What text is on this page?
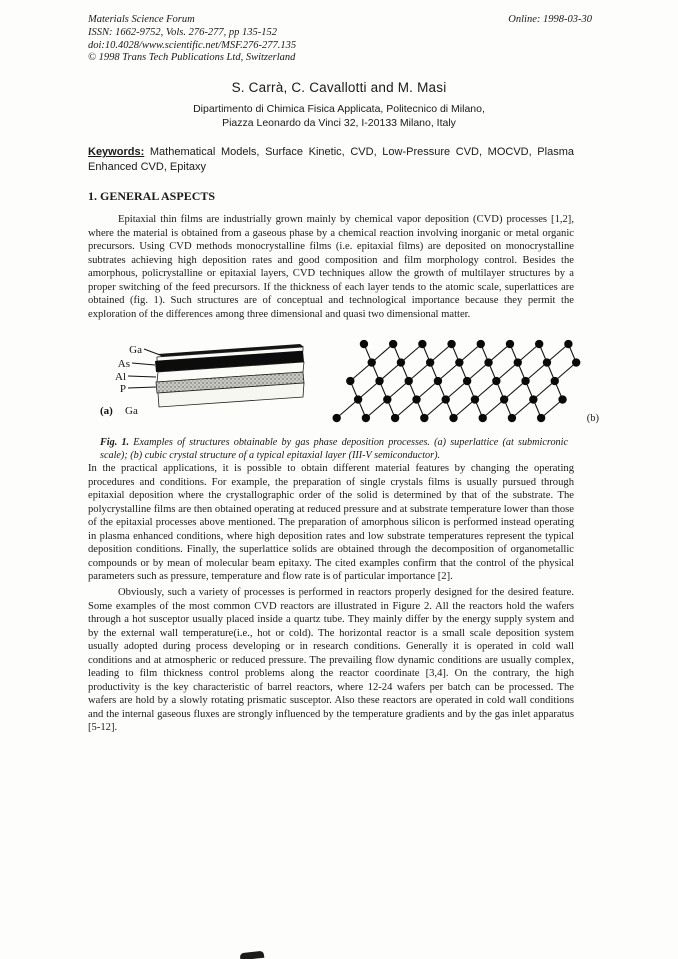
Materials Science Forum

ISSN: 1662-9752, Vols. 276-277, pp 135-152

doi:10.4028/www.scientific.net/MSF.276-277.135

© 1998 Trans Tech Publications Ltd, Switzerland

Online: 1998-03-30
S. Carrà, C. Cavallotti and M. Masi

Dipartimento di Chimica Fisica Applicata, Politecnico di Milano,

Piazza Leonardo da Vinci 32, I-20133 Milano, Italy

Keywords: Mathematical Models, Surface Kinetic, CVD, Low-Pressure CVD, MOCVD, Plasma Enhanced CVD, Epitaxy
1. GENERAL ASPECTS

Epitaxial thin films are industrially grown mainly by chemical vapor deposition (CVD) processes [1,2], where the material is obtained from a gaseous phase by a chemical reaction involving inorganic or metal organic precursors. Using CVD methods monocrystalline films (i.e. epitaxial films) are deposited on monocrystalline subtrates achieving high deposition rates and good composition and film morphology control. Besides the amorphous, policrystalline or epitaxial layers, CVD techniques allow the growth of multilayer structures by a proper switching of the feed precursors. If the thickness of each layer tends to the atomic scale, superlattices are obtained (fig. 1). Such structures are of conceptual and technological importance because they permit the exploration of the differences among three dimensional and quasi two dimensional matter.

Ga
As
Al
P
(a) Ga
(b)

Fig. 1. Examples of structures obtainable by gas phase deposition processes. (a) superlattice (at submicronic scale); (b) cubic crystal structure of a typical epitaxial layer (III-V semiconductor).

In the practical applications, it is possible to obtain different material features by changing the operating procedures and conditions. For example, the preparation of single crystals films is usually pursued through epitaxial deposition where the crystallographic order of the solid is determined by that of the substrate. The polycrystalline films are then obtained operating at reduced pressure and at substrate temperature lower than those of the epitaxial processes above mentioned. The preparation of amorphous silicon is performed instead operating in plasma enhanced conditions, where high deposition rates and low substrate temperatures represent the typical deposition conditions. Finally, the superlattice solids are obtained through the decomposition of organometallic compounds or by mean of molecular beam epitaxy. The cited examples confirm that the control of the physical parameters such as pressure, temperature and flow rate is of particular importance [2].

Obviously, such a variety of processes is performed in reactors properly designed for the desired feature. Some examples of the most common CVD reactors are illustrated in Figure 2. All the reactors hold the wafers through a hot susceptor usually placed inside a quartz tube. They mainly differ by the energy supply system and by the external wall temperature(i.e., hot or cold). The horizontal reactor is a small scale deposition system usually adopted during process developing or in research conditions. Generally it is operated in cold wall conditions and at atmospheric or reduced pressure. The prevailing flow dynamic conditions are usually complex, leading to film thickness control problems along the reactor coordinate [3,4]. On the contrary, the high productivity is the key characteristic of barrel reactors, where 12-24 wafers per batch can be processed. The wafers are hold by a slowly rotating prismatic susceptor. Also these reactors are operated in cold wall conditions and the internal gaseous fluxes are strongly influenced by the temperature gradients and by the gas inlet apparatus [5-12].
